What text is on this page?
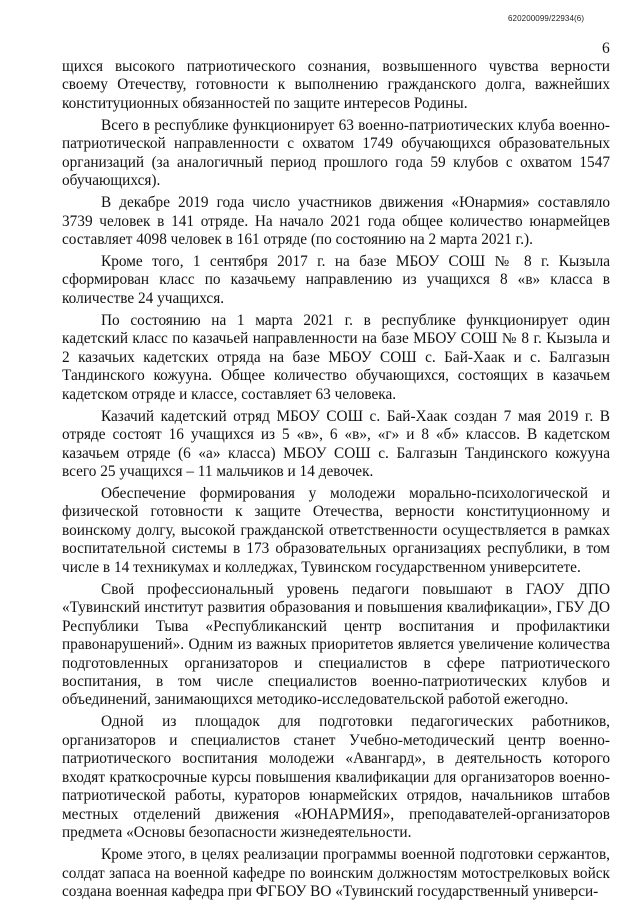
620200099/22934(6)
6

щихся высокого патриотического сознания, возвышенного чувства верности своему Отечеству, готовности к выполнению гражданского долга, важнейших конституционных обязанностей по защите интересов Родины.

Всего в республике функционирует 63 военно-патриотических клуба военно-патриотической направленности с охватом 1749 обучающихся образовательных организаций (за аналогичный период прошлого года 59 клубов с охватом 1547 обучающихся).

В декабре 2019 года число участников движения «Юнармия» составляло 3739 человек в 141 отряде. На начало 2021 года общее количество юнармейцев составляет 4098 человек в 161 отряде (по состоянию на 2 марта 2021 г.).

Кроме того, 1 сентября 2017 г. на базе МБОУ СОШ № 8 г. Кызыла сформирован класс по казачьему направлению из учащихся 8 «в» класса в количестве 24 учащихся.

По состоянию на 1 марта 2021 г. в республике функционирует один кадетский класс по казачьей направленности на базе МБОУ СОШ № 8 г. Кызыла и 2 казачьих кадетских отряда на базе МБОУ СОШ с. Бай-Хаак и с. Балгазын Тандинского кожууна. Общее количество обучающихся, состоящих в казачьем кадетском отряде и классе, составляет 63 человека.

Казачий кадетский отряд МБОУ СОШ с. Бай-Хаак создан 7 мая 2019 г. В отряде состоят 16 учащихся из 5 «в», 6 «в», «г» и 8 «б» классов. В кадетском казачьем отряде (6 «а» класса) МБОУ СОШ с. Балгазын Тандинского кожууна всего 25 учащихся – 11 мальчиков и 14 девочек.

Обеспечение формирования у молодежи морально-психологической и физической готовности к защите Отечества, верности конституционному и воинскому долгу, высокой гражданской ответственности осуществляется в рамках воспитательной системы в 173 образовательных организациях республики, в том числе в 14 техникумах и колледжах, Тувинском государственном университете.

Свой профессиональный уровень педагоги повышают в ГАОУ ДПО «Тувинский институт развития образования и повышения квалификации», ГБУ ДО Республики Тыва «Республиканский центр воспитания и профилактики правонарушений». Одним из важных приоритетов является увеличение количества подготовленных организаторов и специалистов в сфере патриотического воспитания, в том числе специалистов военно-патриотических клубов и объединений, занимающихся методико-исследовательской работой ежегодно.

Одной из площадок для подготовки педагогических работников, организаторов и специалистов станет Учебно-методический центр военно-патриотического воспитания молодежи «Авангард», в деятельность которого входят краткосрочные курсы повышения квалификации для организаторов военно-патриотической работы, кураторов юнармейских отрядов, начальников штабов местных отделений движения «ЮНАРМИЯ», преподавателей-организаторов предмета «Основы безопасности жизнедеятельности.

Кроме этого, в целях реализации программы военной подготовки сержантов, солдат запаса на военной кафедре по воинским должностям мотострелковых войск создана военная кафедра при ФГБОУ ВО «Тувинский государственный универси-
